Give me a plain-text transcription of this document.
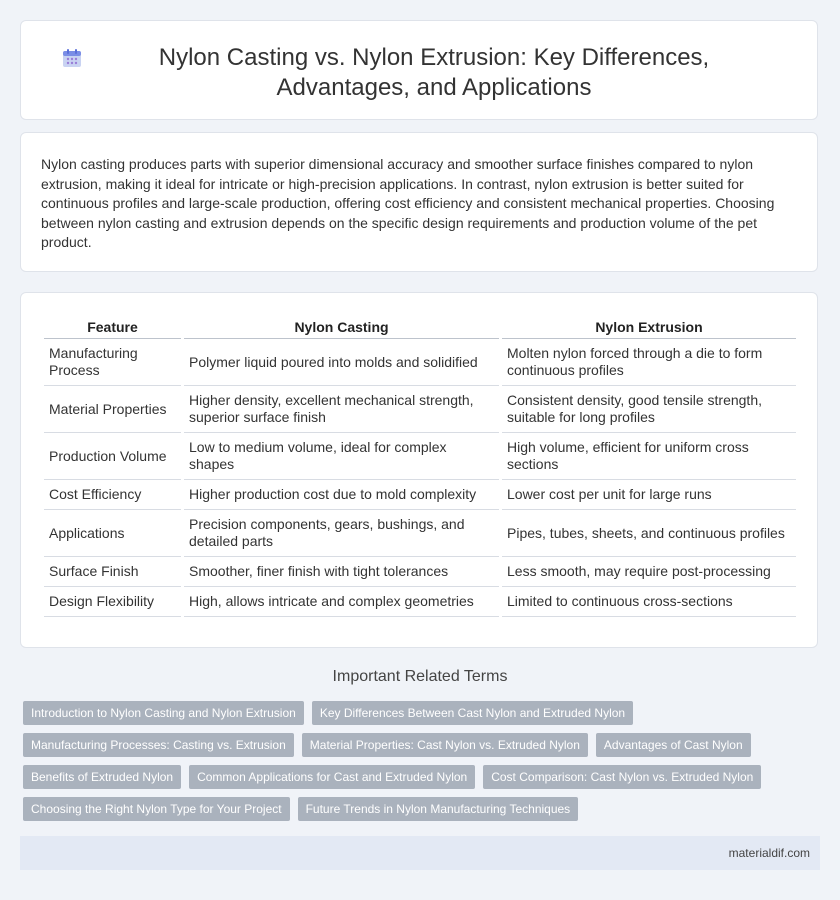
Nylon Casting vs. Nylon Extrusion: Key Differences, Advantages, and Applications

Nylon casting produces parts with superior dimensional accuracy and smoother surface finishes compared to nylon extrusion, making it ideal for intricate or high-precision applications. In contrast, nylon extrusion is better suited for continuous profiles and large-scale production, offering cost efficiency and consistent mechanical properties. Choosing between nylon casting and extrusion depends on the specific design requirements and production volume of the pet product.

Feature	Nylon Casting	Nylon Extrusion
Manufacturing Process	Polymer liquid poured into molds and solidified	Molten nylon forced through a die to form continuous profiles
Material Properties	Higher density, excellent mechanical strength, superior surface finish	Consistent density, good tensile strength, suitable for long profiles
Production Volume	Low to medium volume, ideal for complex shapes	High volume, efficient for uniform cross sections
Cost Efficiency	Higher production cost due to mold complexity	Lower cost per unit for large runs
Applications	Precision components, gears, bushings, and detailed parts	Pipes, tubes, sheets, and continuous profiles
Surface Finish	Smoother, finer finish with tight tolerances	Less smooth, may require post-processing
Design Flexibility	High, allows intricate and complex geometries	Limited to continuous cross-sections
Important Related Terms
Introduction to Nylon Casting and Nylon Extrusion	Key Differences Between Cast Nylon and Extruded Nylon
Manufacturing Processes: Casting vs. Extrusion	Material Properties: Cast Nylon vs. Extruded Nylon	Advantages of Cast Nylon
Benefits of Extruded Nylon	Common Applications for Cast and Extruded Nylon	Cost Comparison: Cast Nylon vs. Extruded Nylon
Choosing the Right Nylon Type for Your Project	Future Trends in Nylon Manufacturing Techniques
materialdif.com
